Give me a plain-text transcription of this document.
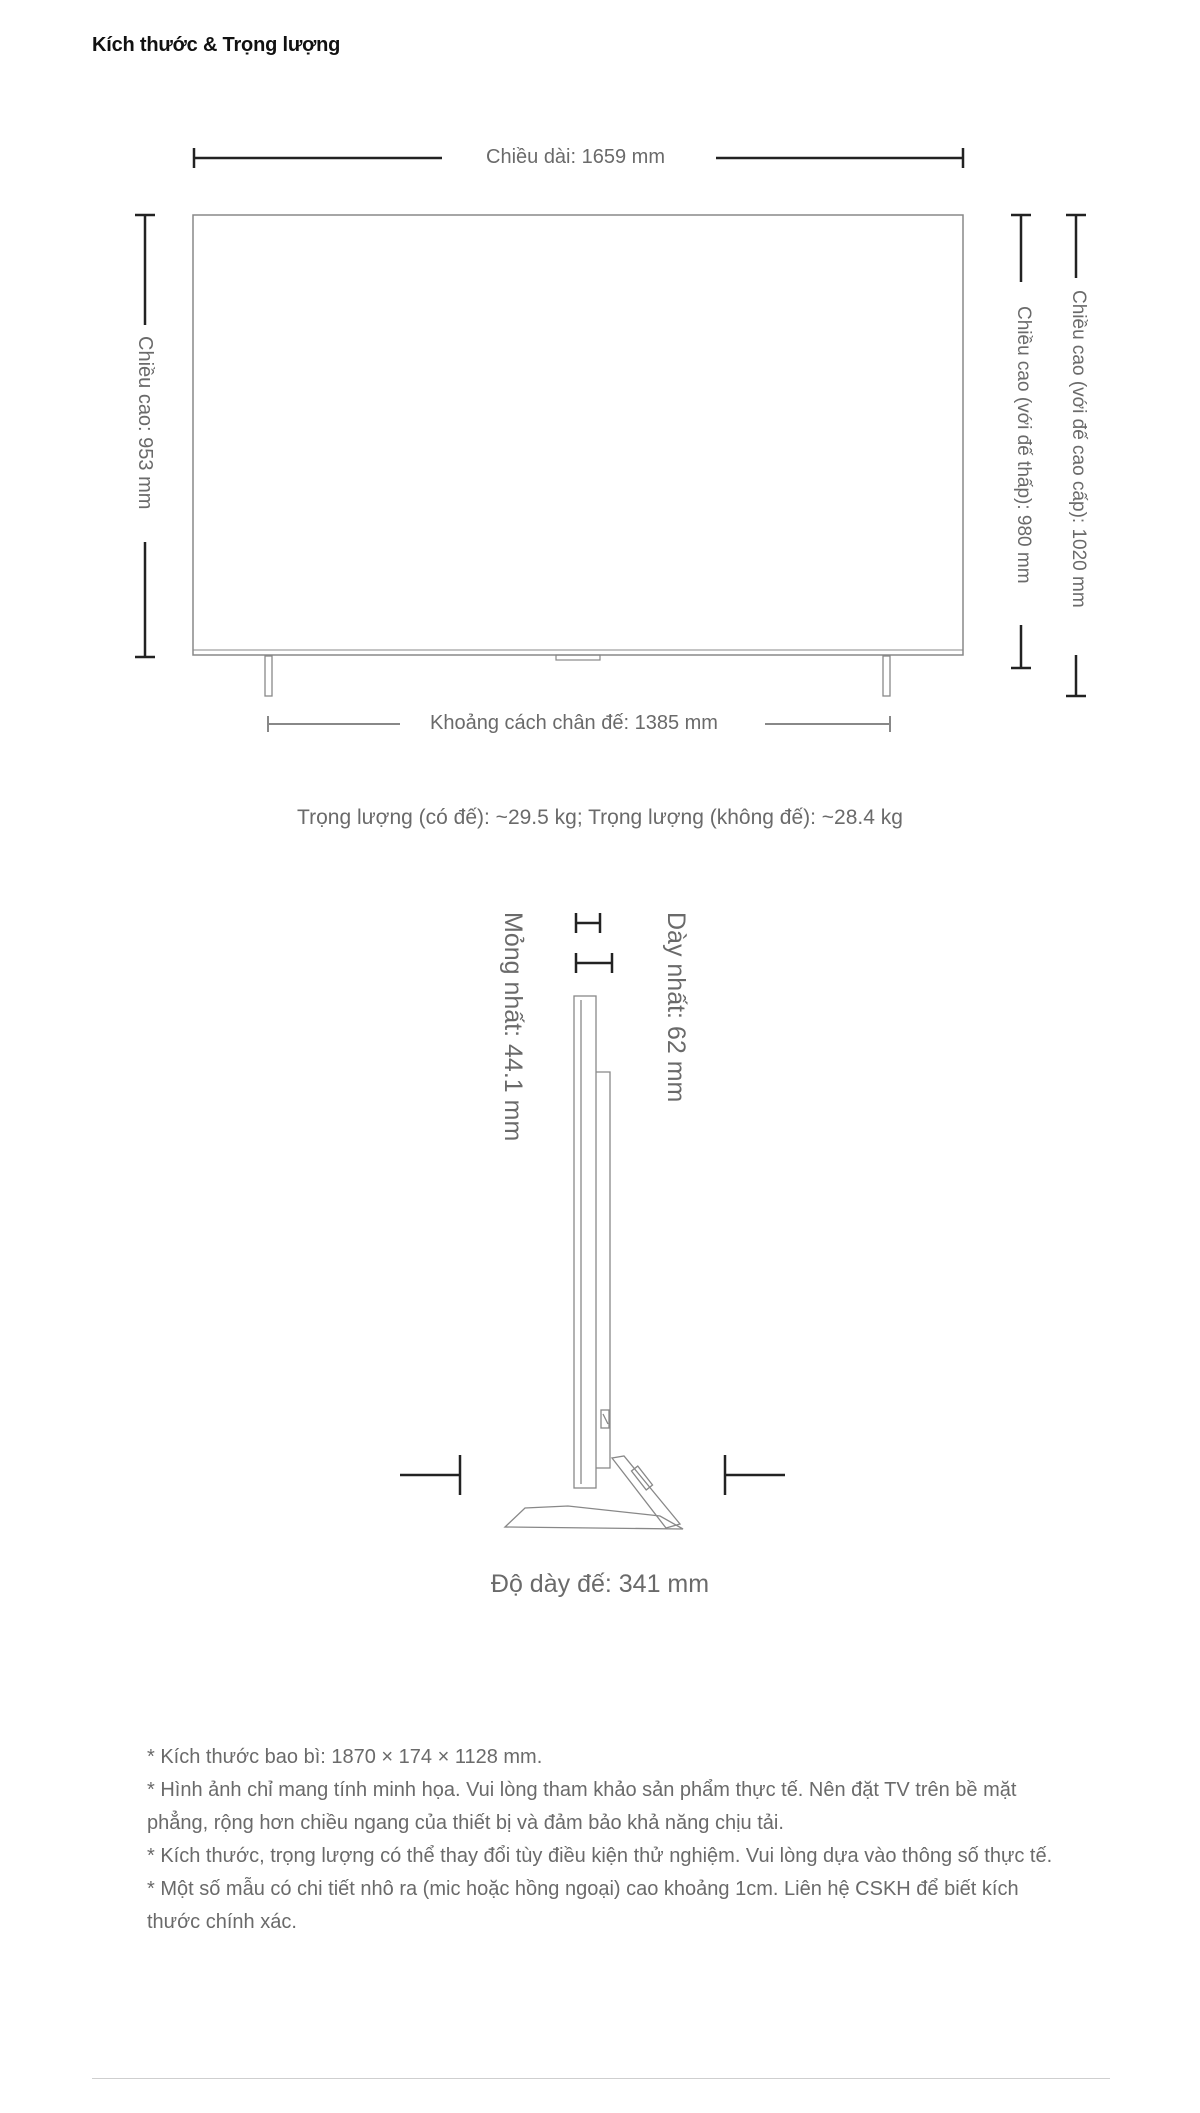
Kích thước & Trọng lượng
Chiều dài: 1659 mm
Chiều cao: 953 mm	Chiều cao (với đế thấp): 980 mm Chiều cao (với đế cao cấp): 1020 mm
Khoảng cách chân đế: 1385 mm
Trọng lượng (có đế): ~29.5 kg; Trọng lượng (không đế): ~28.4 kg
Mỏng nhất: 44.1 mm	Dày nhất: 62 mm
Độ dày đế: 341 mm

* Kích thước bao bì: 1870 × 174 × 1128 mm.

* Hình ảnh chỉ mang tính minh họa. Vui lòng tham khảo sản phẩm thực tế. Nên đặt TV trên bề mặt phẳng, rộng hơn chiều ngang của thiết bị và đảm bảo khả năng chịu tải.

* Kích thước, trọng lượng có thể thay đổi tùy điều kiện thử nghiệm. Vui lòng dựa vào thông số thực tế.

* Một số mẫu có chi tiết nhô ra (mic hoặc hồng ngoại) cao khoảng 1cm. Liên hệ CSKH để biết kích thước chính xác.
